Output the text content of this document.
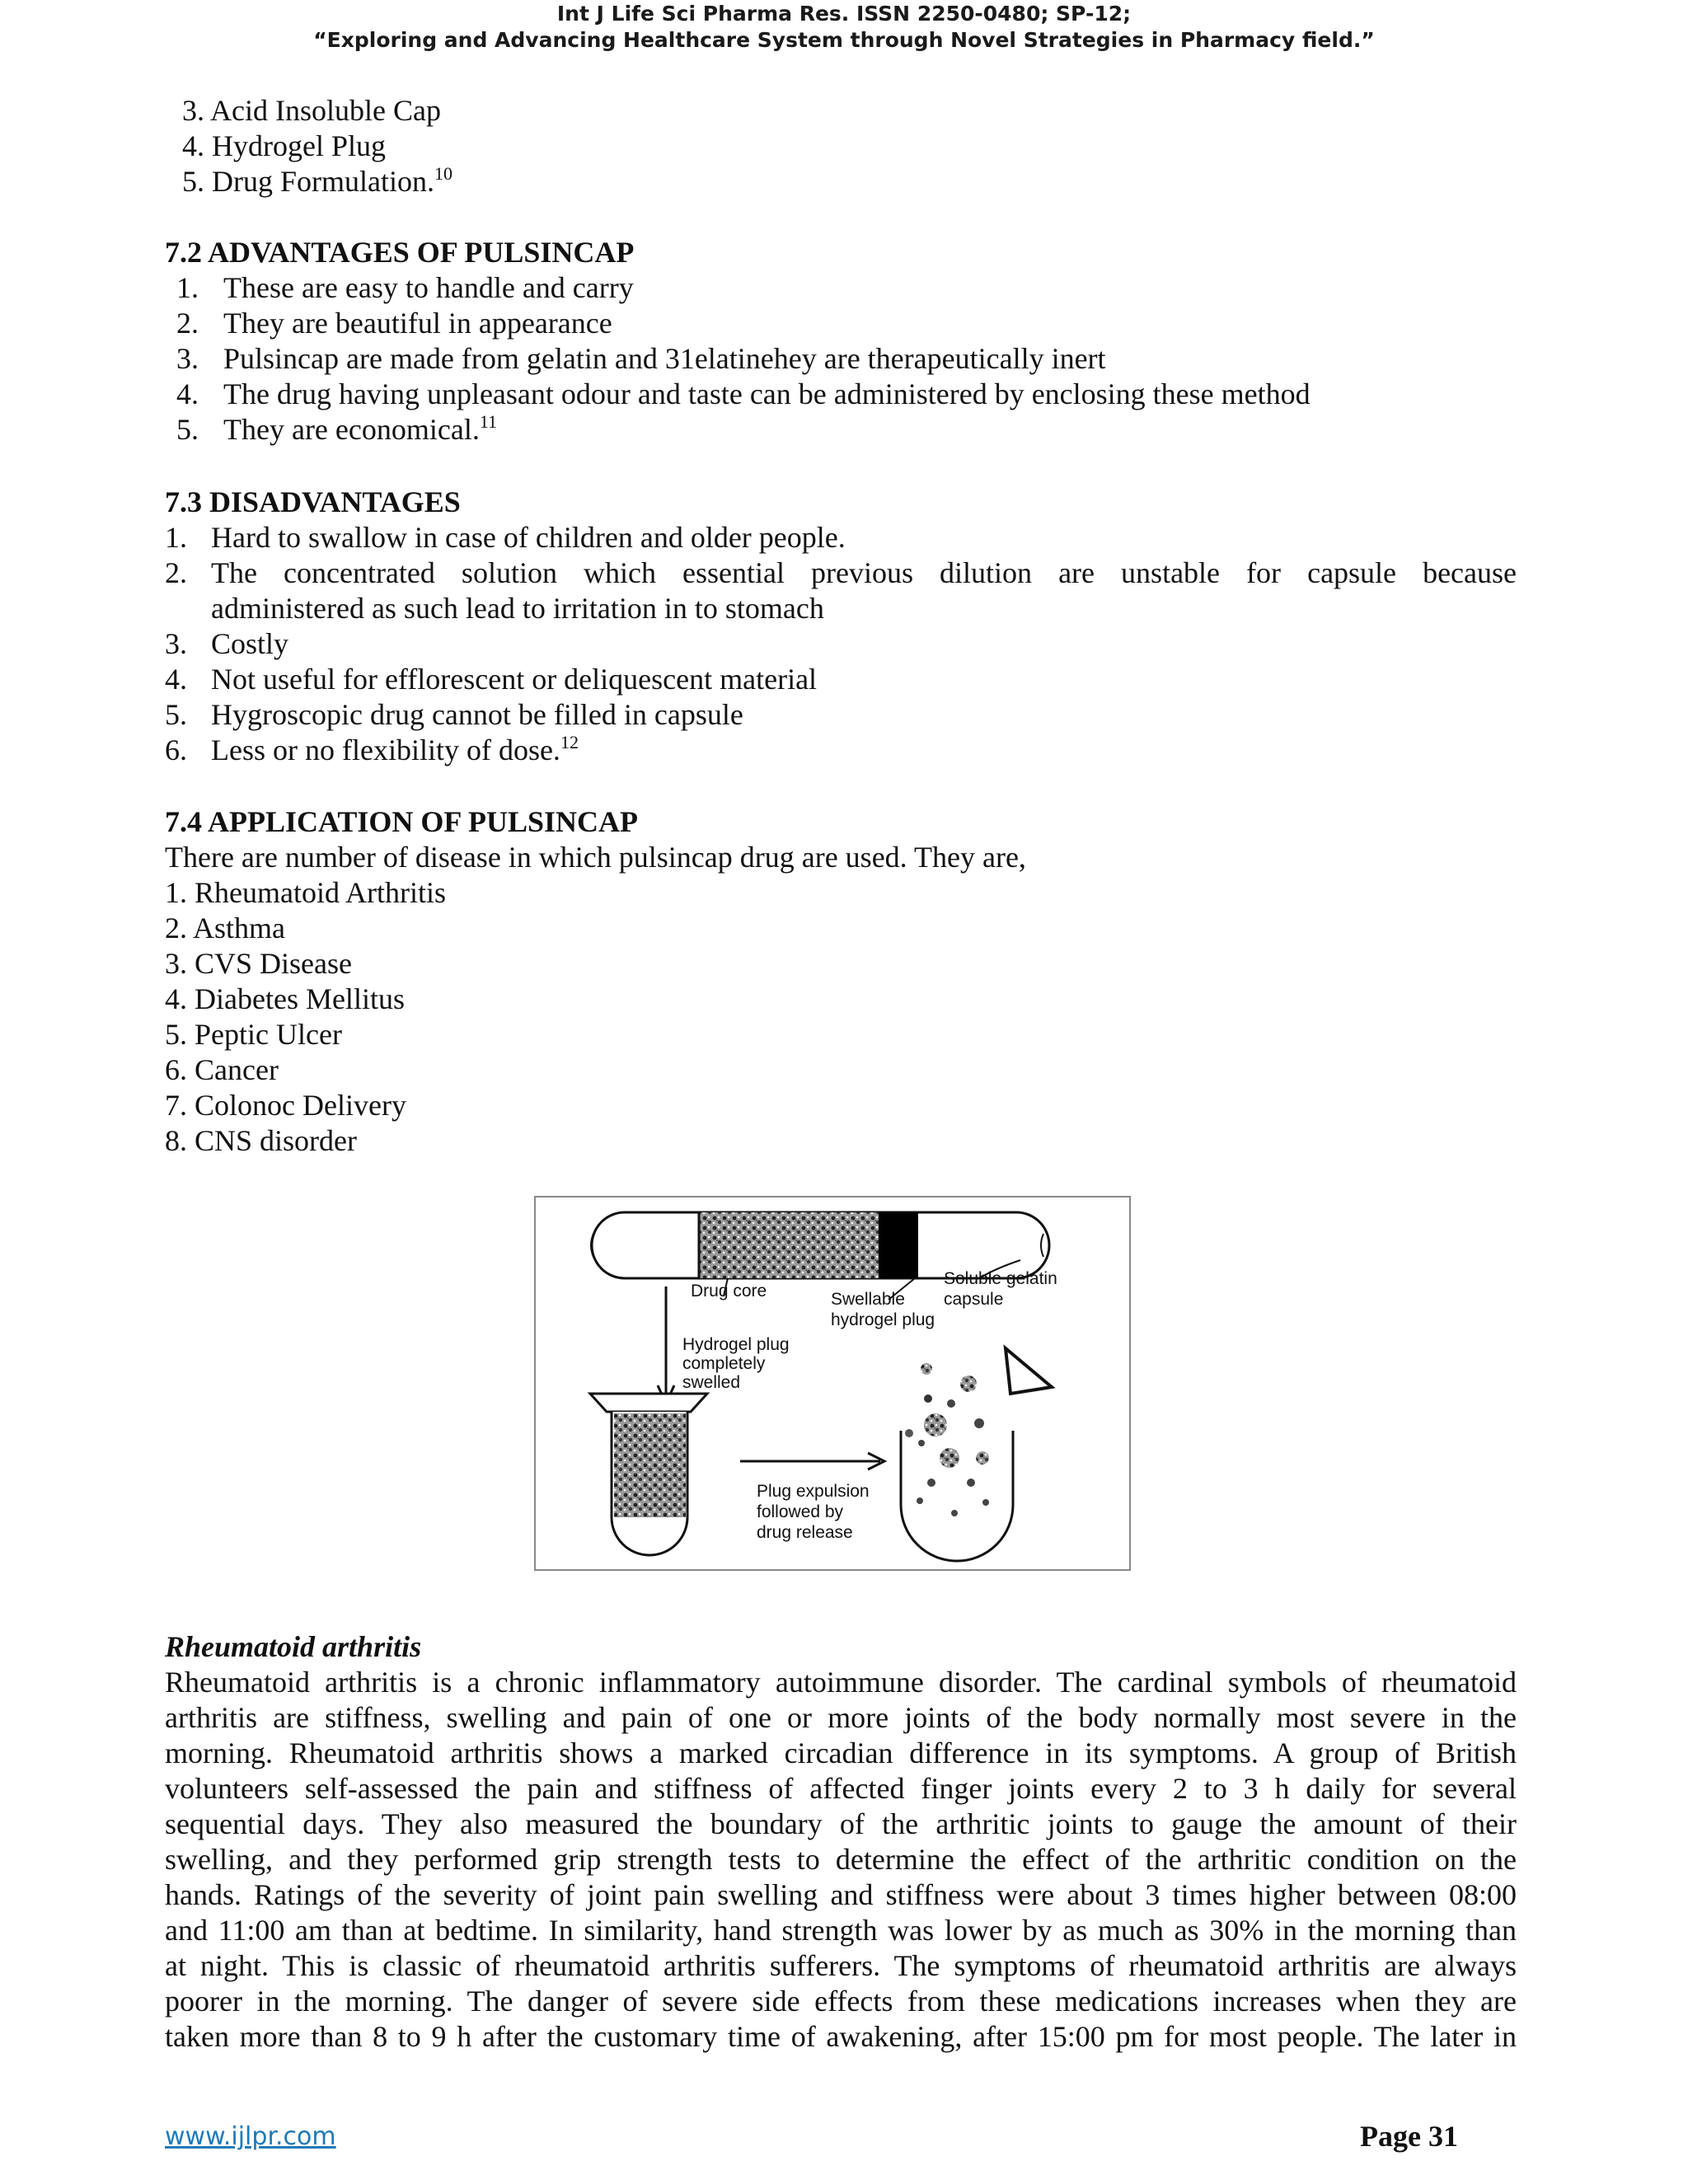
Int J Life Sci Pharma Res. ISSN 2250-0480; SP-12;
“Exploring and Advancing Healthcare System through Novel Strategies in Pharmacy field.”
3. Acid Insoluble Cap
4. Hydrogel Plug
5. Drug Formulation.$^{10}$
7.2 ADVANTAGES OF PULSINCAP
1. These are easy to handle and carry
2. They are beautiful in appearance
3. Pulsincap are made from gelatin and 31elatinehey are therapeutically inert
4. The drug having unpleasant odour and taste can be administered by enclosing these method
5. They are economical.$^{11}$
7.3 DISADVANTAGES
1. Hard to swallow in case of children and older people.
2. The concentrated solution which essential previous dilution are unstable for capsule because
administered as such lead to irritation in to stomach
3. Costly
4. Not useful for efflorescent or deliquescent material
5. Hygroscopic drug cannot be filled in capsule
6. Less or no flexibility of dose.$^{12}$
7.4 APPLICATION OF PULSINCAP
There are number of disease in which pulsincap drug are used. They are,
1. Rheumatoid Arthritis
2. Asthma
3. CVS Disease
4. Diabetes Mellitus
5. Peptic Ulcer
6. Cancer
7. Colonoc Delivery
8. CNS disorder
Drug core
Soluble gelatin
capsule
Swellable
hydrogel plug
Hydrogel plug
completely
swelled
Plug expulsion
followed by
drug release
Rheumatoid arthritis
Rheumatoid arthritis is a chronic inflammatory autoimmune disorder. The cardinal symbols of rheumatoid
arthritis are stiffness, swelling and pain of one or more joints of the body normally most severe in the
morning. Rheumatoid arthritis shows a marked circadian difference in its symptoms. A group of British
volunteers self-assessed the pain and stiffness of affected finger joints every 2 to 3 h daily for several
sequential days. They also measured the boundary of the arthritic joints to gauge the amount of their
swelling, and they performed grip strength tests to determine the effect of the arthritic condition on the
hands. Ratings of the severity of joint pain swelling and stiffness were about 3 times higher between 08:00
and 11:00 am than at bedtime. In similarity, hand strength was lower by as much as 30% in the morning than
at night. This is classic of rheumatoid arthritis sufferers. The symptoms of rheumatoid arthritis are always
poorer in the morning. The danger of severe side effects from these medications increases when they are
taken more than 8 to 9 h after the customary time of awakening, after 15:00 pm for most people. The later in
www.ijlpr.com	Page 31
